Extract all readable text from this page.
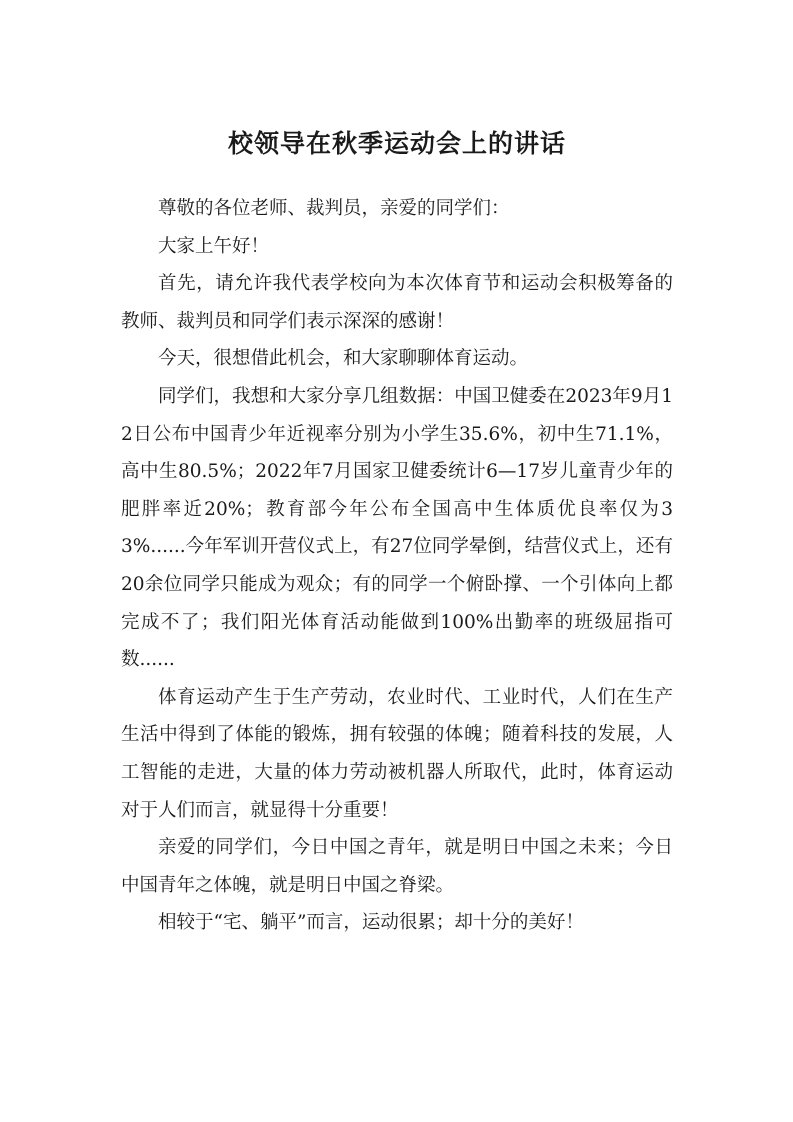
校领导在秋季运动会上的讲话

尊敬的各位老师、裁判员，亲爱的同学们：

大家上午好！

首先，请允许我代表学校向为本次体育节和运动会积极筹备的教师、裁判员和同学们表示深深的感谢！

今天，很想借此机会，和大家聊聊体育运动。

同学们，我想和大家分享几组数据：中国卫健委在2023年9月12日公布中国青少年近视率分别为小学生35.6%，初中生71.1%，高中生80.5%；2022年7月国家卫健委统计6—17岁儿童青少年的肥胖率近20%；教育部今年公布全国高中生体质优良率仅为33%......今年军训开营仪式上，有27位同学晕倒，结营仪式上，还有20余位同学只能成为观众；有的同学一个俯卧撑、一个引体向上都完成不了；我们阳光体育活动能做到100%出勤率的班级屈指可数......

体育运动产生于生产劳动，农业时代、工业时代，人们在生产生活中得到了体能的锻炼，拥有较强的体魄；随着科技的发展，人工智能的走进，大量的体力劳动被机器人所取代，此时，体育运动对于人们而言，就显得十分重要！

亲爱的同学们，今日中国之青年，就是明日中国之未来；今日中国青年之体魄，就是明日中国之脊梁。

相较于“宅、躺平”而言，运动很累；却十分的美好！
